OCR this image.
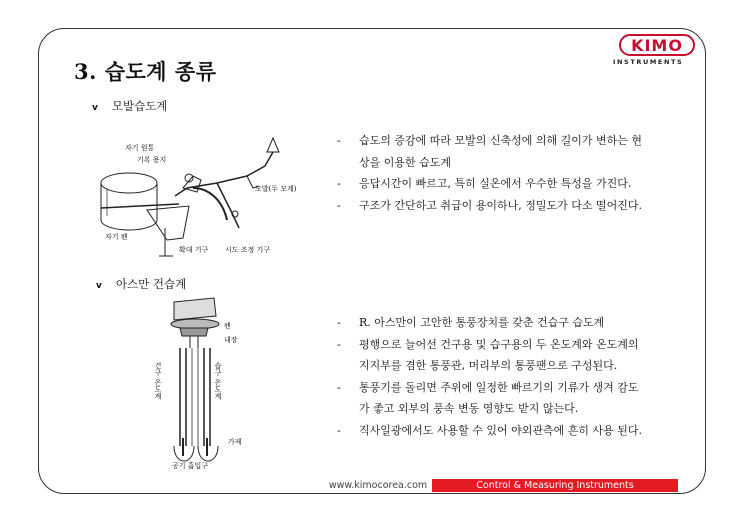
3. 습도계 종류
KIMO
INSTRUMENTS
v 모발습도계
자기 원통
기록 용지
자기 펜
확대 기구 시도 조정 기구
모발(두 모계)
-	습도의 증감에 따라 모발의 신축성에 의해 길이가 변하는 현
상을 이용한 습도계
-	응답시간이 빠르고, 특히 실온에서 우수한 특성을 가진다.
-	구조가 간단하고 취급이 용이하나, 정밀도가 다소 떨어진다.
v 아스만 건습계
팬
내장
건구 온도계	습구 온도계
가제
공기 흡입구
-	R. 아스만이 고안한 통풍장치를 갖춘 건습구 습도계
-	평행으로 늘어선 건구용 및 습구용의 두 온도계와 온도계의
지지부를 겸한 통풍관, 머리부의 통풍팬으로 구성된다.
-	통풍기를 돌리면 주위에 일정한 빠르기의 기류가 생겨 감도
가 좋고 외부의 풍속 변동 영향도 받지 않는다.
-	직사일광에서도 사용할 수 있어 야외관측에 흔히 사용 된다.
www.kimocorea.com	Control & Measuring Instruments
